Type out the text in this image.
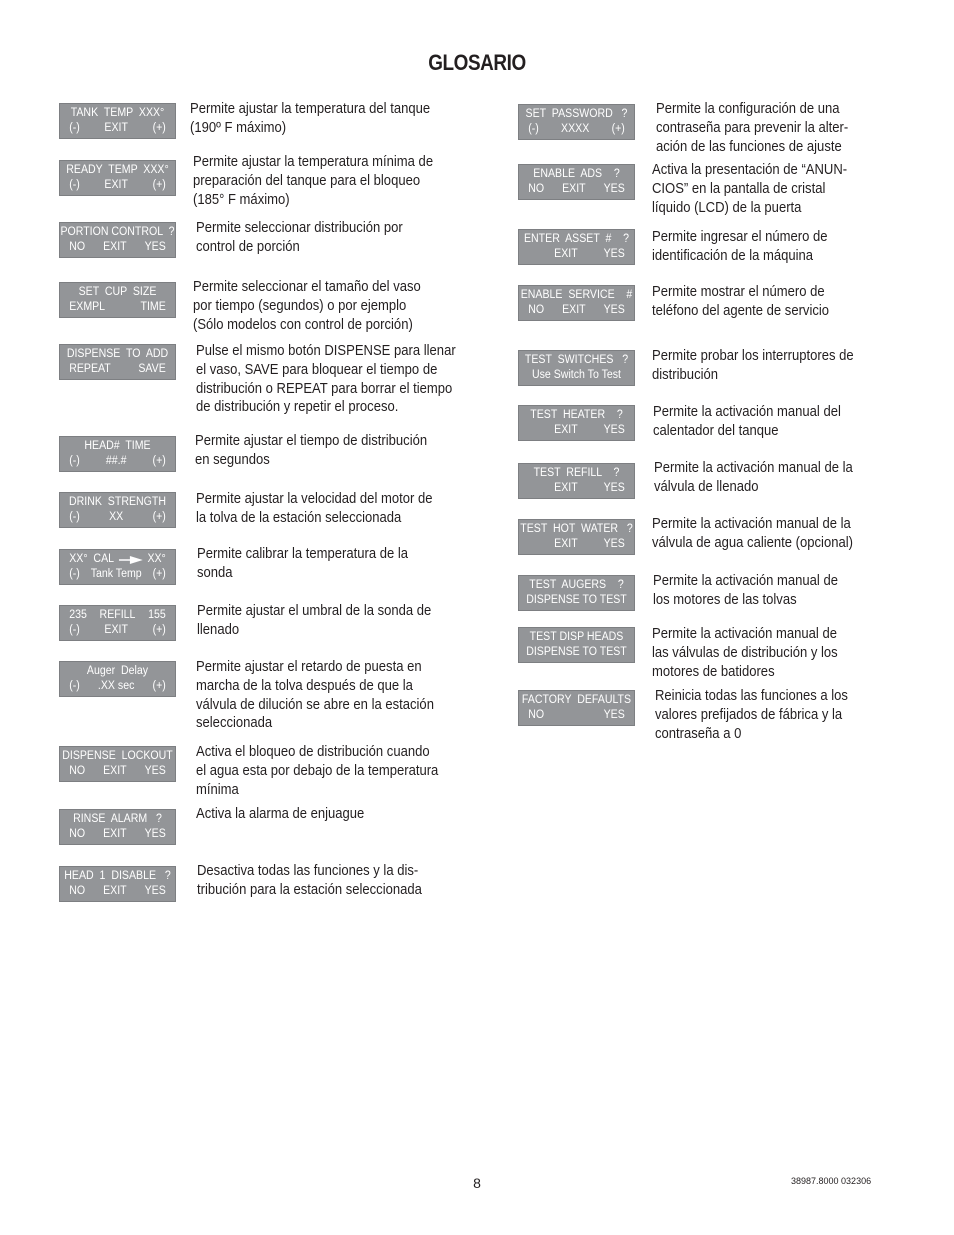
GLOSARIO
TANK  TEMP  XXX°
(-) EXIT (+)
Permite ajustar la temperatura del tanque
(190º F máximo)
READY  TEMP  XXX°
(-) EXIT (+)
Permite ajustar la temperatura mínima de
preparación del tanque para el bloqueo
(185° F máximo)
PORTION CONTROL  ?
NO EXIT YES
Permite seleccionar distribución por
control de porción
SET  CUP  SIZE
EXMPL	TIME
Permite seleccionar el tamaño del vaso
por tiempo (segundos) o por ejemplo
(Sólo modelos con control de porción)
DISPENSE  TO  ADD
REPEAT SAVE
Pulse el mismo botón DISPENSE para llenar
el vaso, SAVE para bloquear el tiempo de
distribución o REPEAT para borrar el tiempo
de distribución y repetir el proceso.
HEAD#  TIME
(-) ##.# (+)
Permite ajustar el tiempo de distribución
en segundos
DRINK  STRENGTH
(-)	XX	(+)
Permite ajustar la velocidad del motor de
la tolva de la estación seleccionada
XX°  CAL	XX°
(-) Tank Temp (+)
Permite calibrar la temperatura de la
sonda
235 REFILL 155
(-) EXIT (+)
Permite ajustar el umbral de la sonda de
llenado
Auger  Delay
(-) .XX sec (+)
Permite ajustar el retardo de puesta en
marcha de la tolva después de que la
válvula de dilución se abre en la estación
seleccionada
DISPENSE  LOCKOUT
NO EXIT YES
Activa el bloqueo de distribución cuando
el agua esta por debajo de la temperatura
mínima
RINSE  ALARM   ?
NO EXIT YES
Activa la alarma de enjuague
HEAD  1  DISABLE   ?
NO EXIT YES
Desactiva todas las funciones y la dis-
tribución para la estación seleccionada
SET  PASSWORD   ?
(-) XXXX (+)
Permite la configuración de una
contraseña para prevenir la alter-
ación de las funciones de ajuste
ENABLE  ADS    ?
NO EXIT YES
Activa la presentación de “ANUN-
CIOS” en la pantalla de cristal
líquido (LCD) de la puerta
ENTER  ASSET  #    ?
EXIT YES
Permite ingresar el número de
identificación de la máquina
ENABLE  SERVICE    #
NO EXIT YES
Permite mostrar el número de
teléfono del agente de servicio
TEST  SWITCHES   ?
Use Switch To Test
Permite probar los interruptores de
distribución
TEST  HEATER    ?
EXIT YES
Permite la activación manual del
calentador del tanque
TEST  REFILL    ?
EXIT YES
Permite la activación manual de la
válvula de llenado
TEST  HOT  WATER   ?
EXIT YES
Permite la activación manual de la
válvula de agua caliente (opcional)
TEST  AUGERS    ?
DISPENSE TO TEST
Permite la activación manual de
los motores de las tolvas
TEST DISP HEADS
DISPENSE TO TEST
Permite la activación manual de
las válvulas de distribución y los
motores de batidores
FACTORY  DEFAULTS
NO	YES
Reinicia todas las funciones a los
valores prefijados de fábrica y la
contraseña a 0
8	38987.8000 032306
